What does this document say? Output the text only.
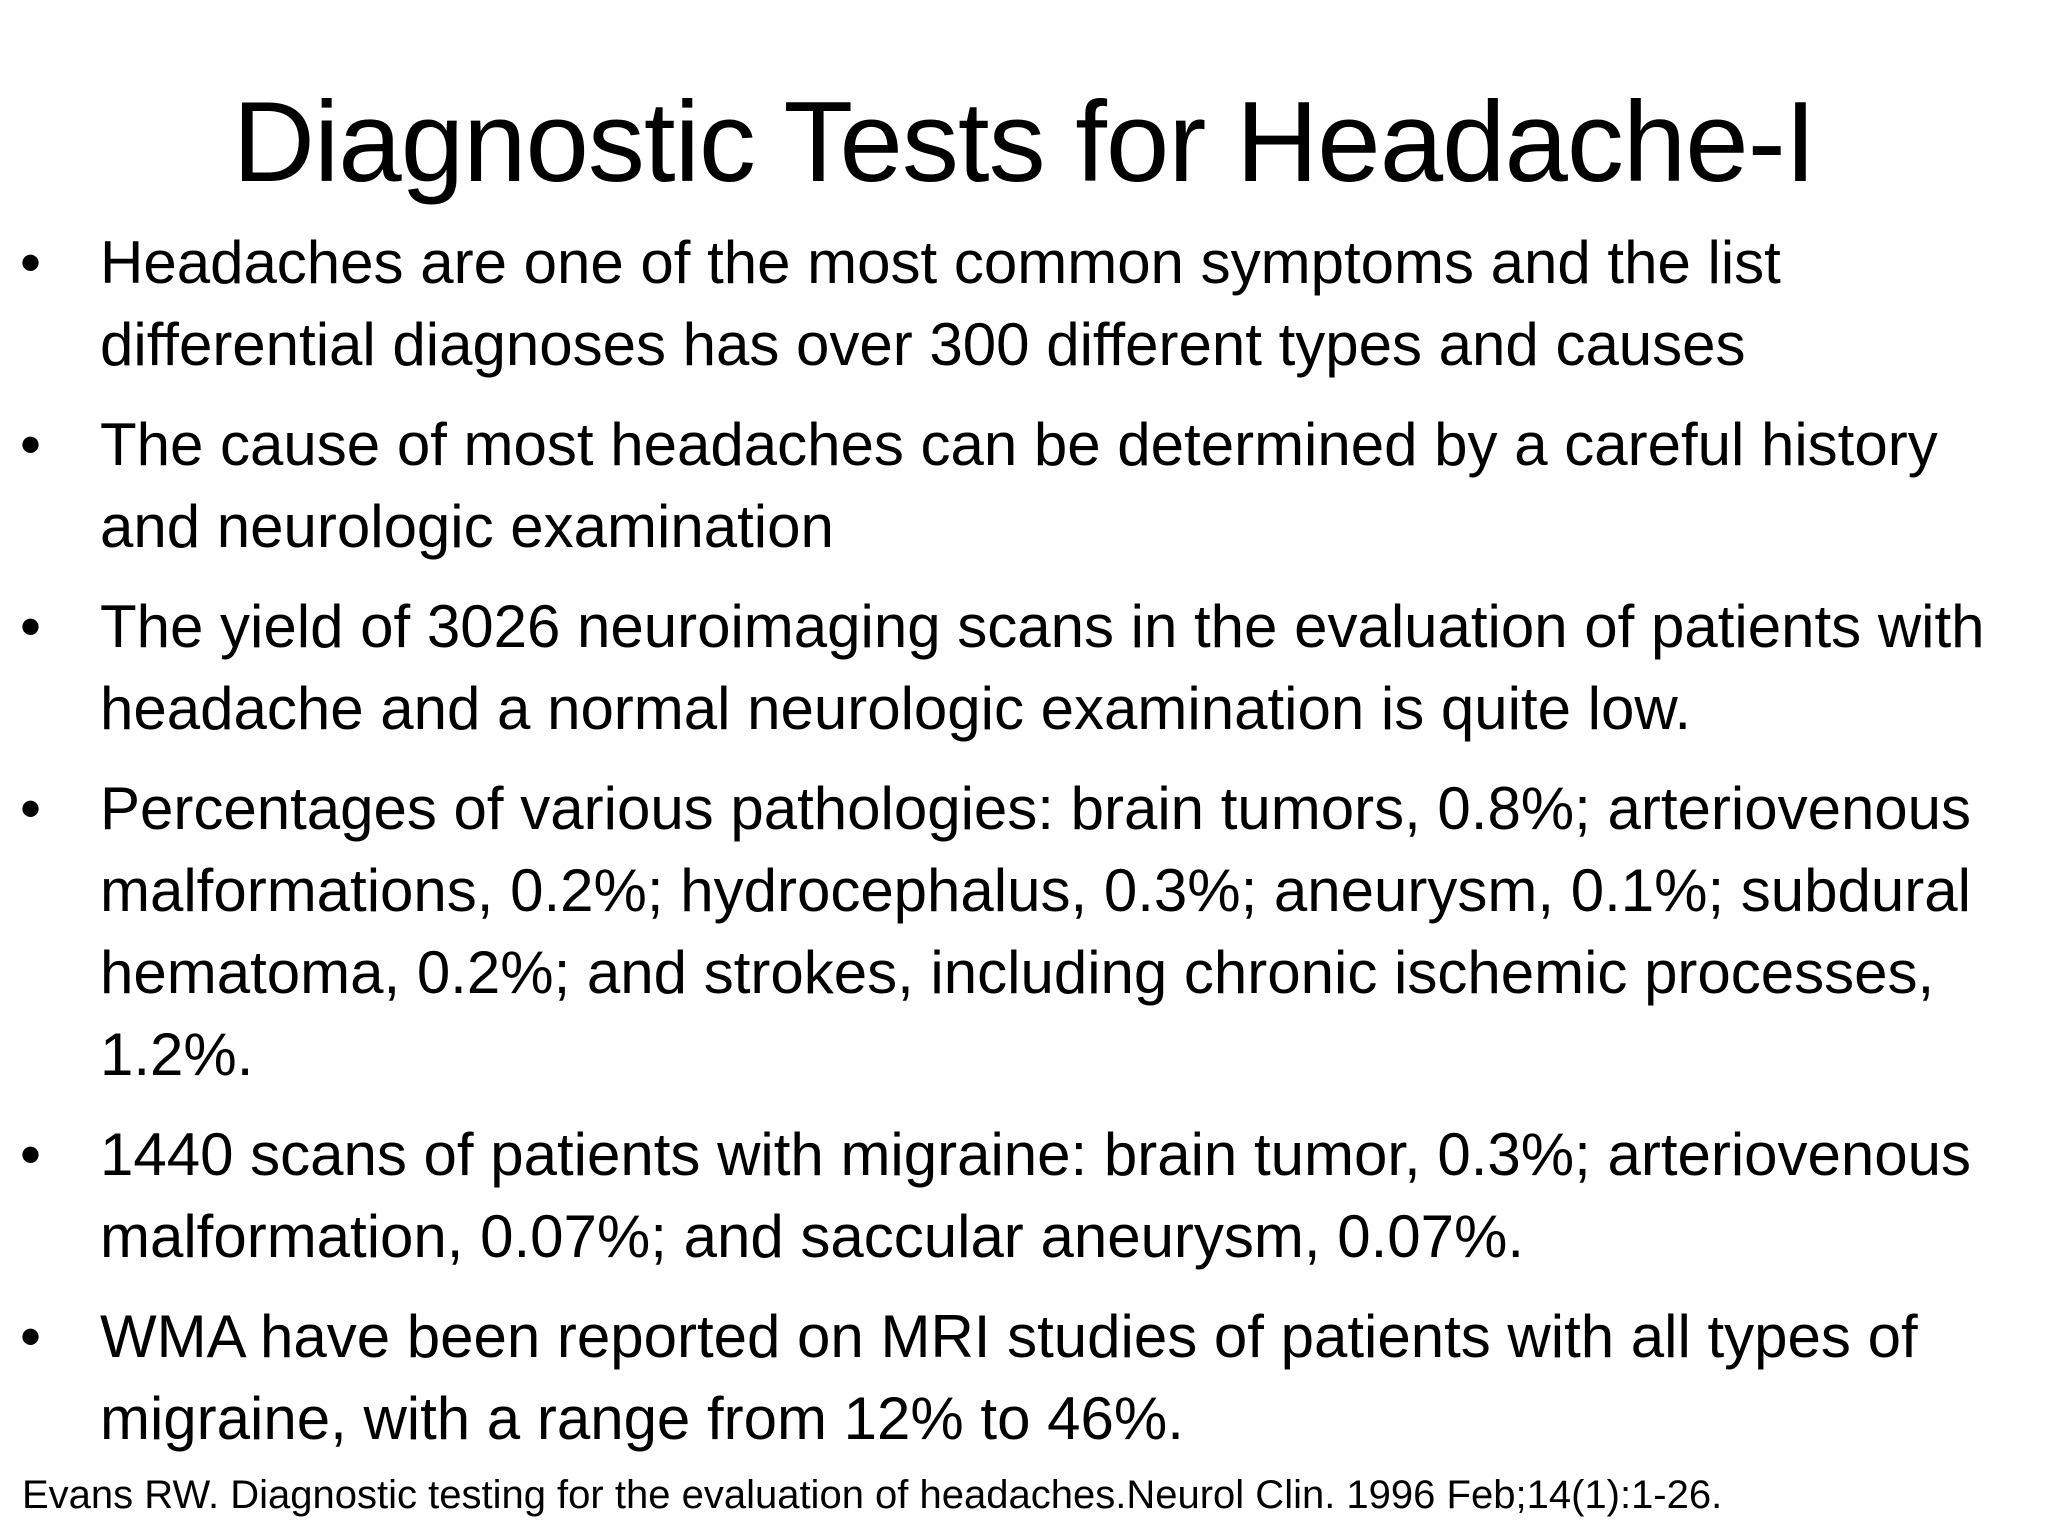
Diagnostic Tests for Headache-I
• Headaches are one of the most common symptoms and the list differential diagnoses has over 300 different types and causes
• The cause of most headaches can be determined by a careful history and neurologic examination
• The yield of 3026 neuroimaging scans in the evaluation of patients with headache and a normal neurologic examination is quite low.
• Percentages of various pathologies: brain tumors, 0.8%; arteriovenous malformations, 0.2%; hydrocephalus, 0.3%; aneurysm, 0.1%; subdural hematoma, 0.2%; and strokes, including chronic ischemic processes, 1.2%.
• 1440 scans of patients with migraine: brain tumor, 0.3%; arteriovenous malformation, 0.07%; and saccular aneurysm, 0.07%.
• WMA have been reported on MRI studies of patients with all types of migraine, with a range from 12% to 46%.
Evans RW. Diagnostic testing for the evaluation of headaches.Neurol Clin. 1996 Feb;14(1):1-26.
